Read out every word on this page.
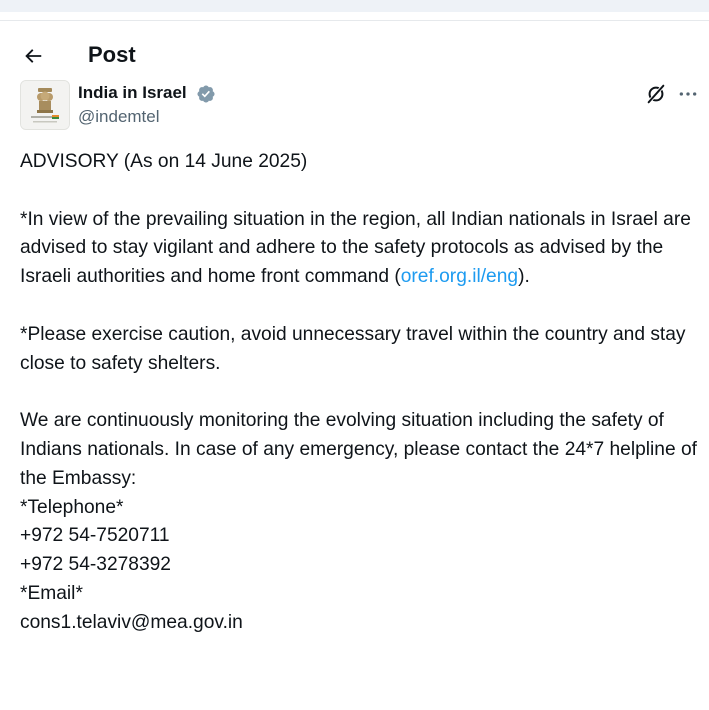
Post
India in Israel
@indemtel

ADVISORY (As on 14 June 2025)

*In view of the prevailing situation in the region, all Indian nationals in Israel are advised to stay vigilant and adhere to the safety protocols as advised by the Israeli authorities and home front command (oref.org.il/eng).

*Please exercise caution, avoid unnecessary travel within the country and stay close to safety shelters.

We are continuously monitoring the evolving situation including the safety of Indians nationals. In case of any emergency, please contact the 24*7 helpline of the Embassy:

*Telephone*

+972 54-7520711

+972 54-3278392

*Email*

cons1.telaviv@mea.gov.in
